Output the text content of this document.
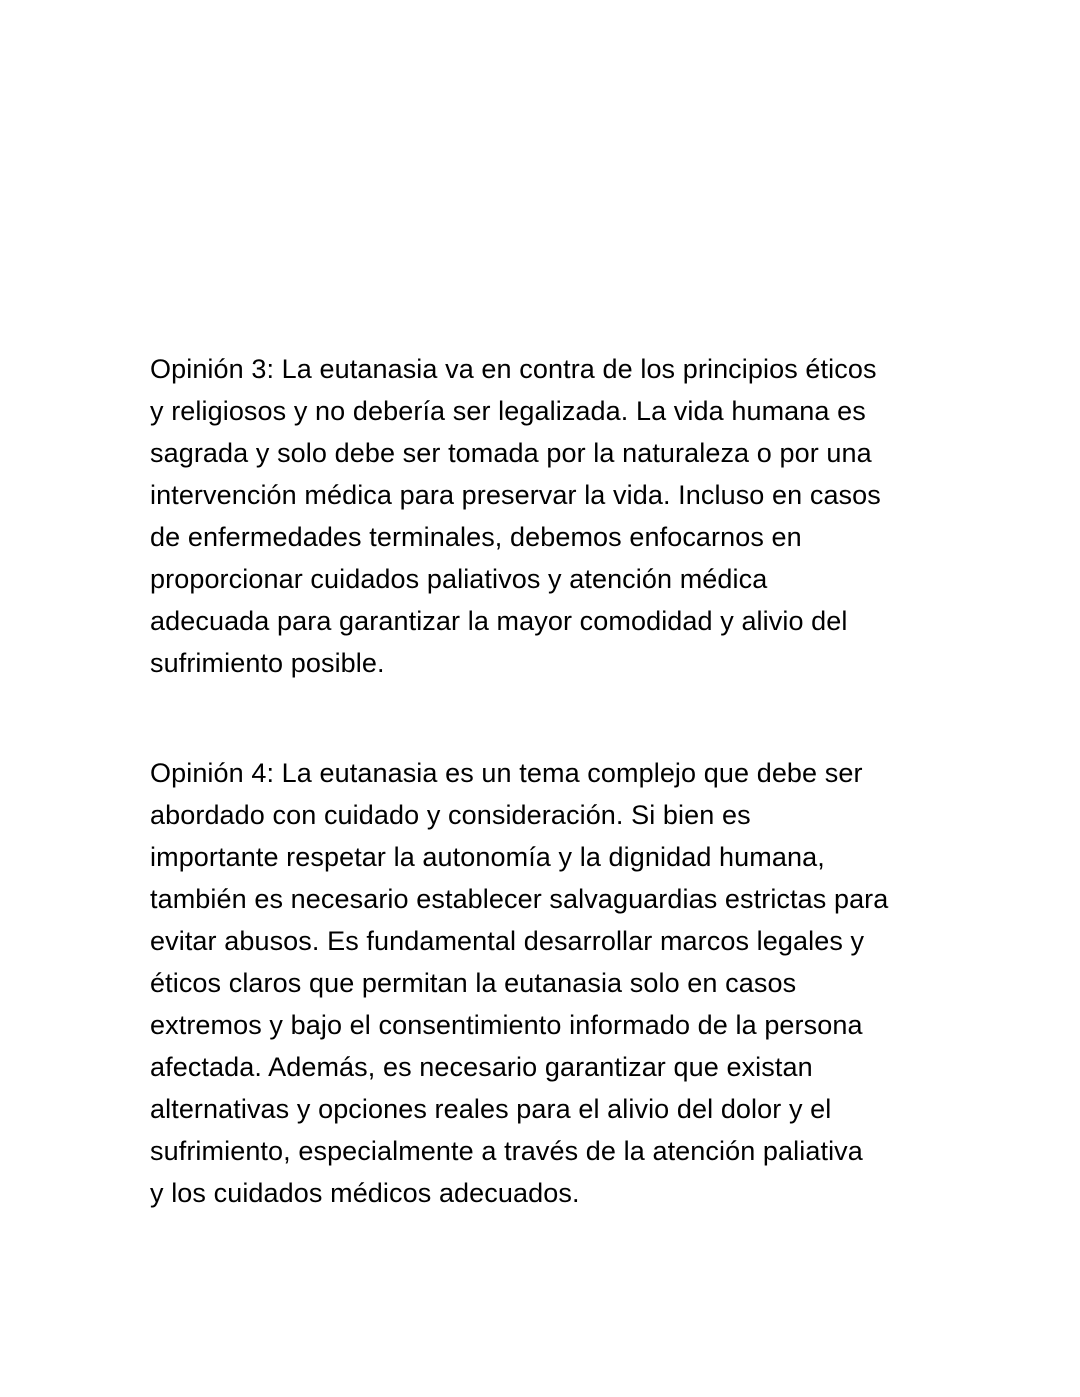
Opinión 3: La eutanasia va en contra de los principios éticos
y religiosos y no debería ser legalizada. La vida humana es
sagrada y solo debe ser tomada por la naturaleza o por una
intervención médica para preservar la vida. Incluso en casos
de enfermedades terminales, debemos enfocarnos en
proporcionar cuidados paliativos y atención médica
adecuada para garantizar la mayor comodidad y alivio del
sufrimiento posible.

Opinión 4: La eutanasia es un tema complejo que debe ser
abordado con cuidado y consideración. Si bien es
importante respetar la autonomía y la dignidad humana,
también es necesario establecer salvaguardias estrictas para
evitar abusos. Es fundamental desarrollar marcos legales y
éticos claros que permitan la eutanasia solo en casos
extremos y bajo el consentimiento informado de la persona
afectada. Además, es necesario garantizar que existan
alternativas y opciones reales para el alivio del dolor y el
sufrimiento, especialmente a través de la atención paliativa
y los cuidados médicos adecuados.
